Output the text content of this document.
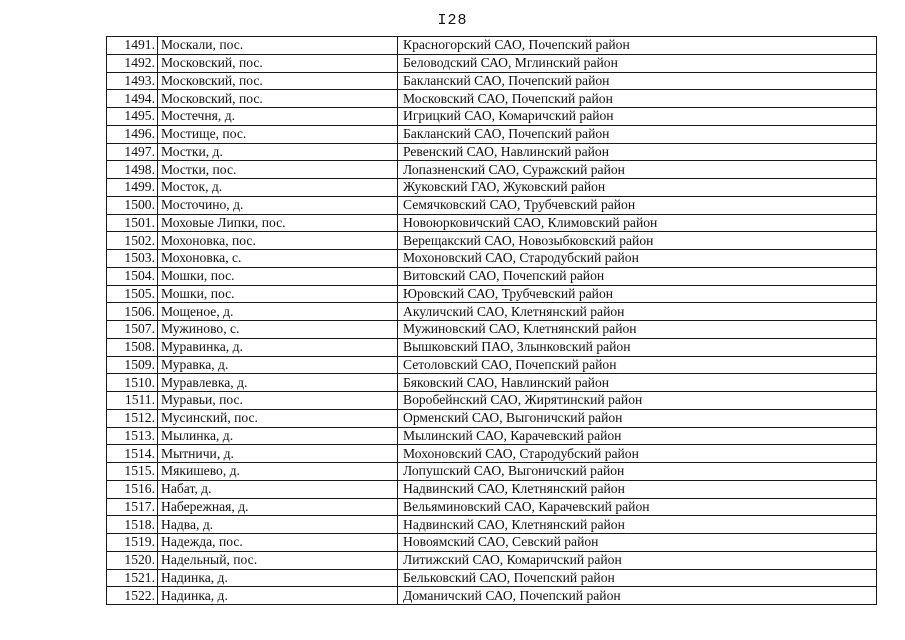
I28
1491.	Москали, пос.	Красногорский САО, Почепский район
1492.	Московский, пос.	Беловодский САО, Мглинский район
1493.	Московский, пос.	Бакланский САО, Почепский район
1494.	Московский, пос.	Московский САО, Почепский район
1495.	Мостечня, д.	Игрицкий САО, Комаричский район
1496.	Мостище, пос.	Бакланский САО, Почепский район
1497.	Мостки, д.	Ревенский САО, Навлинский район
1498.	Мостки, пос.	Лопазненский САО, Суражский район
1499.	Мосток, д.	Жуковский ГАО, Жуковский район
1500.	Мосточино, д.	Семячковский САО, Трубчевский район
1501.	Моховые Липки, пос.	Новоюрковичский САО, Климовский район
1502.	Мохоновка, пос.	Верещакский САО, Новозыбковский район
1503.	Мохоновка, с.	Мохоновский САО, Стародубский район
1504.	Мошки, пос.	Витовский САО, Почепский район
1505.	Мошки, пос.	Юровский САО, Трубчевский район
1506.	Мощеное, д.	Акуличский САО, Клетнянский район
1507.	Мужиново, с.	Мужиновский САО, Клетнянский район
1508.	Муравинка, д.	Вышковский ПАО, Злынковский район
1509.	Муравка, д.	Сетоловский САО, Почепский район
1510.	Муравлевка, д.	Бяковский САО, Навлинский район
1511.	Муравьи, пос.	Воробейнский САО, Жирятинский район
1512.	Мусинский, пос.	Орменский САО, Выгоничский район
1513.	Мылинка, д.	Мылинский САО, Карачевский район
1514.	Мытничи, д.	Мохоновский САО, Стародубский район
1515.	Мякишево, д.	Лопушский САО, Выгоничский район
1516.	Набат, д.	Надвинский САО, Клетнянский район
1517.	Набережная, д.	Вельяминовский САО, Карачевский район
1518.	Надва, д.	Надвинский САО, Клетнянский район
1519.	Надежда, пос.	Новоямский САО, Севский район
1520.	Надельный, пос.	Литижский САО, Комаричский район
1521.	Надинка, д.	Бельковский САО, Почепский район
1522.	Надинка, д.	Доманичский САО, Почепский район
